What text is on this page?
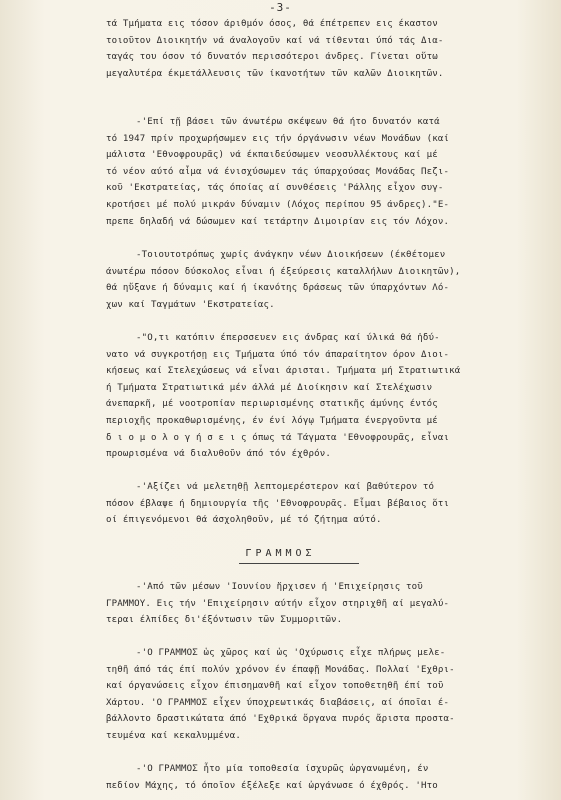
-3-
ΓΡΑΜΜΟΣ
τά Τμήματα εις τόσον άριθμόν όσος, θά έπέτρεπεν εις έκαστον
τοιοῦτον Διοικητήν νά άναλογοῦν καί νά τίθενται ύπό τάς Δια-
ταγάς του όσον τό δυνατόν περισσότεροι άνδρες. Γίνεται οὕτω
μεγαλυτέρα έκμετάλλευσις τῶν ίκανοτήτων τῶν καλῶν Διοικητῶν.
-'Επί τῇ βάσει τῶν άνωτέρω σκέψεων θά ήτο δυνατόν κατά
τό 1947 πρίν προχωρήσωμεν εις τήν όργάνωσιν νέων Μονάδων (καί
μάλιστα 'Εθνοφρουρᾶς) νά έκπαιδεύσωμεν νεοσυλλέκτους καί μέ
τό νέον αύτό αἷμα νά ένισχύσωμεν τάς ύπαρχούσας Μονάδας Πεζι-
κοῦ 'Εκστρατείας, τάς όποίας αί συνθέσεις 'Ράλλης εἶχον συγ-
κροτήσει μέ πολύ μικράν δύναμιν (Λόχος περίπου 95 άνδρες)."Ε-
πρεπε δηλαδή νά δώσωμεν καί τετάρτην Διμοιρίαν εις τόν Λόχον.
-Τοιουτοτρόπως χωρίς άνάγκην νέων Διοικήσεων (έκθέτομεν
άνωτέρω πόσον δύσκολος εἶναι ή έξεύρεσις καταλλήλων Διοικητῶν),
θά ηὔξανε ή δύναμις καί ή ίκανότης δράσεως τῶν ύπαρχόντων Λό-
χων καί Ταγμάτων 'Εκστρατείας.
-"Ο,τι κατόπιν έπερσσευεν εις άνδρας καί ύλικά θά ἠδύ-
νατο νά συγκροτήσῃ εις Τμήματα ύπό τόν άπαραίτητον όρον Διοι-
κήσεως καί Στελεχώσεως νά εἶναι άρισται. Τμήματα μή Στρατιωτικά
ή Τμήματα Στρατιωτικά μέν άλλά μέ Διοίκησιν καί Στελέχωσιν
άνεπαρκῆ, μέ νοοτροπίαν περιωρισμένης στατικῆς άμύνης έντός
περιοχῆς προκαθωρισμένης, έν ένί λόγῳ Τμήματα ένεργοῦντα μέ
δ ι ο μ ο λ ο γ ή σ ε ι ς όπως τά Τάγματα 'Εθνοφρουρᾶς, εἶναι
προωρισμένα νά διαλυθοῦν άπό τόν έχθρόν.
-'Αξίζει νά μελετηθῇ λεπτομερέστερον καί βαθύτερον τό
πόσον έβλαψε ή δημιουργία τῆς 'Εθνοφρουρᾶς. Εἶμαι βέβαιος ὅτι
οί έπιγενόμενοι θά άσχοληθοῦν, μέ τό ζήτημα αύτό.
-'Από τῶν μέσων 'Ιουνίου ἤρχισεν ή 'Επιχείρησις τοῦ
ΓΡΑΜΜΟΥ. Εις τήν 'Επιχείρησιν αύτήν εἶχον στηριχθῆ αί μεγαλύ-
τεραι έλπίδες δι'έξόντωσιν τῶν Συμμοριτῶν.
-'Ο ΓΡΑΜΜΟΣ ὡς χῶρος καί ὡς 'Οχύρωσις εἶχε πλήρως μελε-
τηθῆ άπό τάς έπί πολύν χρόνον έν έπαφῇ Μονάδας. Πολλαί 'Εχθρι-
καί όργανώσεις εἶχον έπισημανθῆ καί εἶχον τοποθετηθῆ έπί τοῦ
Χάρτου. 'Ο ΓΡΑΜΜΟΣ εἶχεν ύποχρεωτικάς διαβάσεις, αί όποῖαι έ-
βάλλοντο δραστικώτατα άπό 'Εχθρικά ὄργανα πυρός ἄριστα προστα-
τευμένα καί κεκαλυμμένα.
-'Ο ΓΡΑΜΜΟΣ ἦτο μία τοποθεσία ίσχυρῶς ὠργανωμένη, έν
πεδίον Μάχης, τό όποῖον έξέλεξε καί ὠργάνωσε ό έχθρός. 'Ητο
